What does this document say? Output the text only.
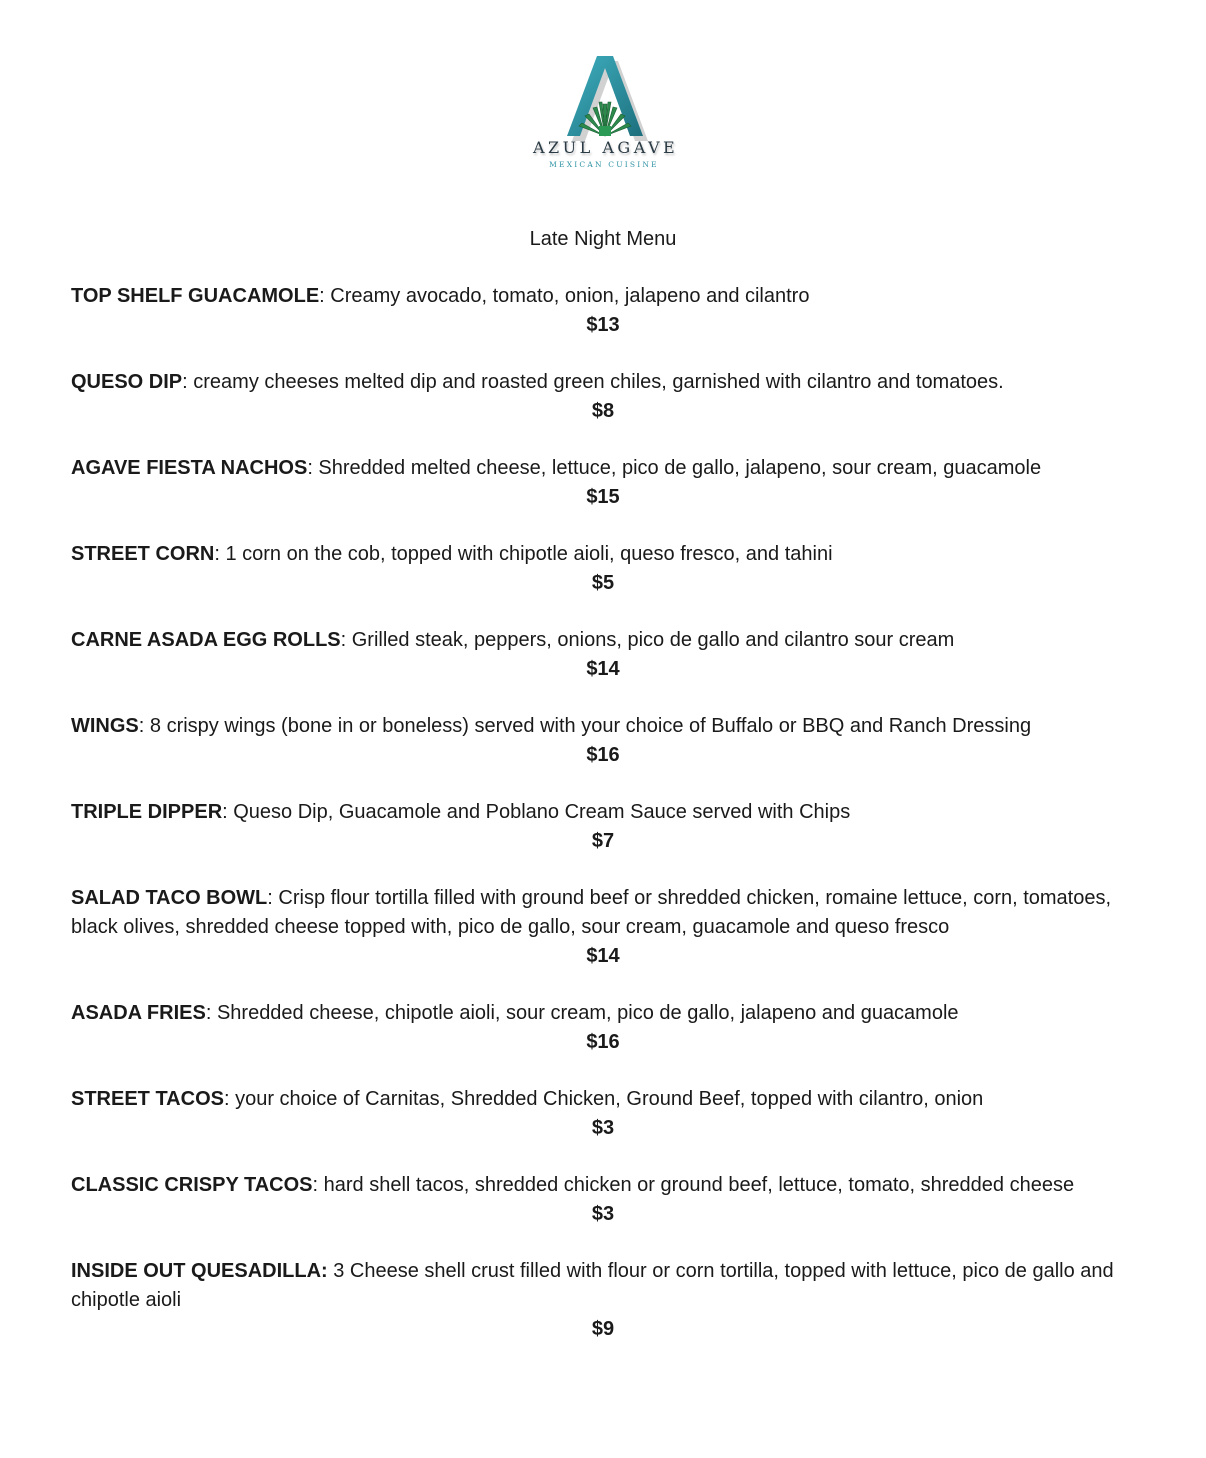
AZUL AGAVE
MEXICAN CUISINE
Late Night Menu
TOP SHELF GUACAMOLE: Creamy avocado, tomato, onion, jalapeno and cilantro
$13
QUESO DIP: creamy cheeses melted dip and roasted green chiles, garnished with cilantro and tomatoes.
$8
AGAVE FIESTA NACHOS: Shredded melted cheese, lettuce, pico de gallo, jalapeno, sour cream, guacamole
$15
STREET CORN: 1 corn on the cob, topped with chipotle aioli, queso fresco, and tahini
$5
CARNE ASADA EGG ROLLS: Grilled steak, peppers, onions, pico de gallo and cilantro sour cream
$14
WINGS: 8 crispy wings (bone in or boneless) served with your choice of Buffalo or BBQ and Ranch Dressing
$16
TRIPLE DIPPER: Queso Dip, Guacamole and Poblano Cream Sauce served with Chips
$7
SALAD TACO BOWL: Crisp flour tortilla filled with ground beef or shredded chicken, romaine lettuce, corn, tomatoes, black olives, shredded cheese topped with, pico de gallo, sour cream, guacamole and queso fresco
$14
ASADA FRIES: Shredded cheese, chipotle aioli, sour cream, pico de gallo, jalapeno and guacamole
$16
STREET TACOS: your choice of Carnitas, Shredded Chicken, Ground Beef, topped with cilantro, onion
$3
CLASSIC CRISPY TACOS: hard shell tacos, shredded chicken or ground beef, lettuce, tomato, shredded cheese
$3
INSIDE OUT QUESADILLA: 3 Cheese shell crust filled with flour or corn tortilla, topped with lettuce, pico de gallo and chipotle aioli
$9
